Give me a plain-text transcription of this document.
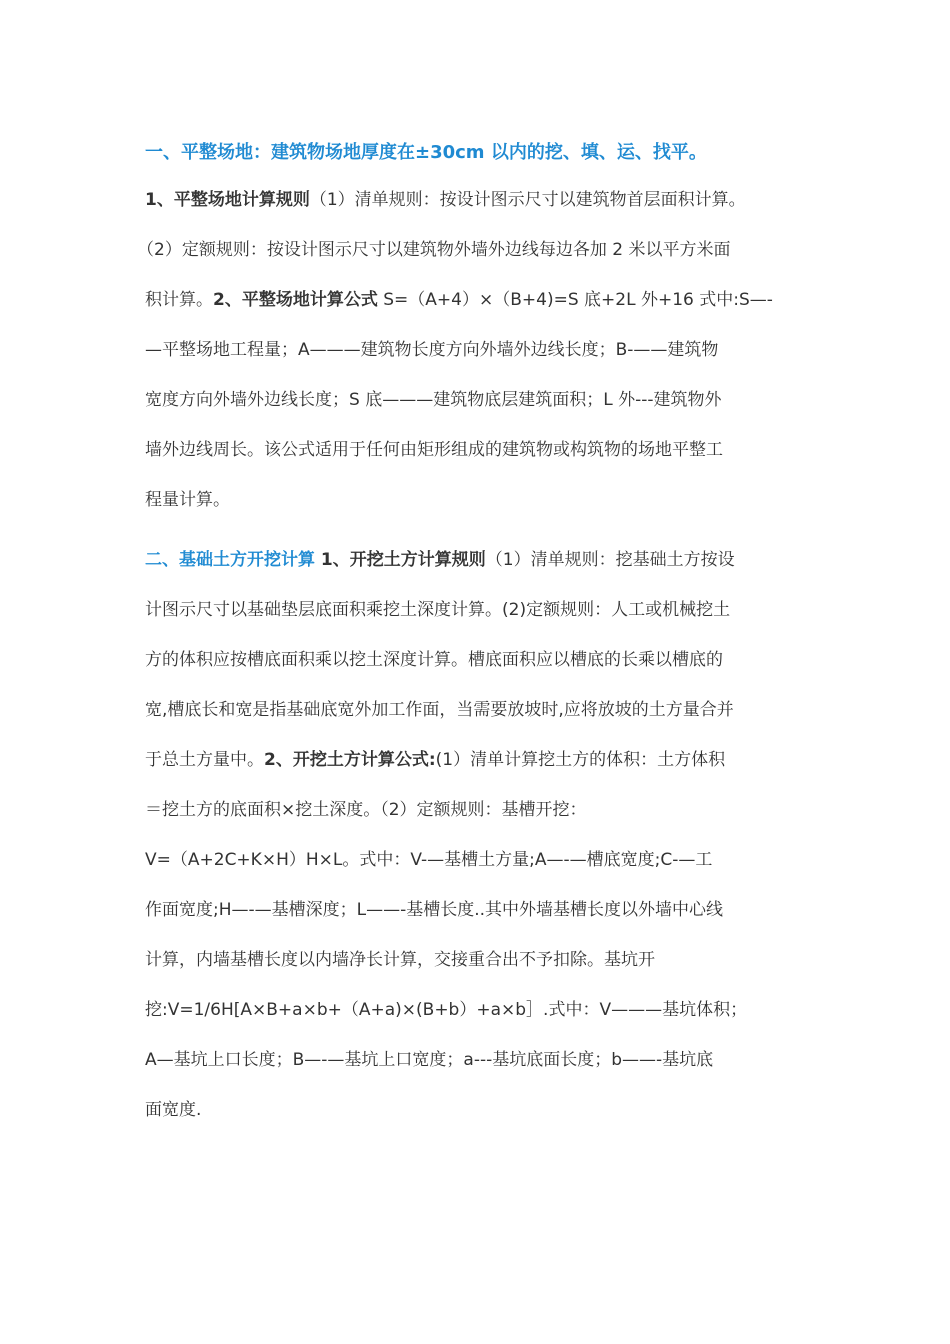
一、平整场地：建筑物场地厚度在±30cm 以内的挖、填、运、找平。
1、平整场地计算规则（1）清单规则：按设计图示尺寸以建筑物首层面积计算。
（2）定额规则：按设计图示尺寸以建筑物外墙外边线每边各加 2 米以平方米面
积计算。2、平整场地计算公式 S=（A+4）×（B+4)=S 底+2L 外+16 式中:S—-
—平整场地工程量；A———建筑物长度方向外墙外边线长度；B-——建筑物
宽度方向外墙外边线长度；S 底———建筑物底层建筑面积；L 外---建筑物外
墙外边线周长。该公式适用于任何由矩形组成的建筑物或构筑物的场地平整工
程量计算。
二、基础土方开挖计算 1、开挖土方计算规则（1）清单规则：挖基础土方按设
计图示尺寸以基础垫层底面积乘挖土深度计算。(2)定额规则：人工或机械挖土
方的体积应按槽底面积乘以挖土深度计算。槽底面积应以槽底的长乘以槽底的
宽,槽底长和宽是指基础底宽外加工作面，当需要放坡时,应将放坡的土方量合并
于总土方量中。2、开挖土方计算公式:(1）清单计算挖土方的体积：土方体积
＝挖土方的底面积×挖土深度。（2）定额规则：基槽开挖：
V=（A+2C+K×H）H×L。式中：V-—基槽土方量;A—-—槽底宽度;C-—工
作面宽度;H—-—基槽深度；L——-基槽长度..其中外墙基槽长度以外墙中心线
计算，内墙基槽长度以内墙净长计算，交接重合出不予扣除。基坑开
挖:V=1/6H[A×B+a×b+（A+a)×(B+b）+a×b］.式中：V———基坑体积；
A—基坑上口长度；B—-—基坑上口宽度；a---基坑底面长度；b——-基坑底
面宽度.
